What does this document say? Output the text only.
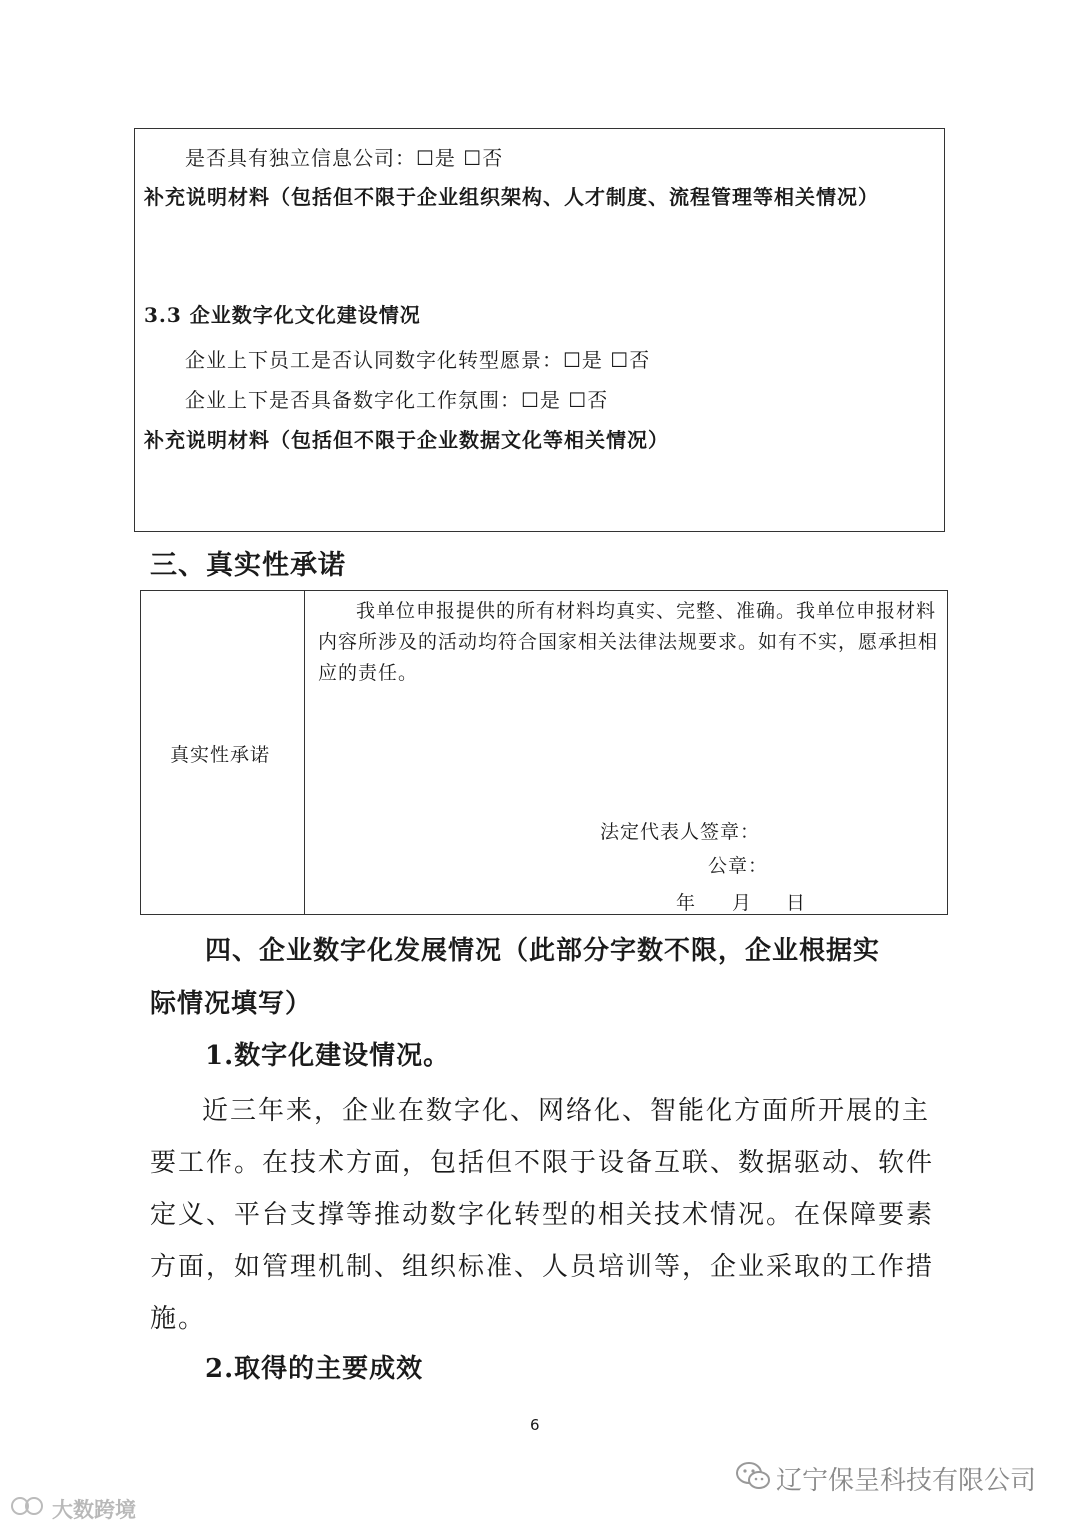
是否具有独立信息公司：☐是 ☐否
补充说明材料（包括但不限于企业组织架构、人才制度、流程管理等相关情况）
3.3 企业数字化文化建设情况
企业上下员工是否认同数字化转型愿景：☐是 ☐否
企业上下是否具备数字化工作氛围：☐是 ☐否
补充说明材料（包括但不限于企业数据文化等相关情况）
三、真实性承诺
真实性承诺
我单位申报提供的所有材料均真实、完整、准确。我单位申报材料内容所涉及的活动均符合国家相关法律法规要求。如有不实，愿承担相应的责任。
法定代表人签章：
公章：
年 月 日
四、企业数字化发展情况（此部分字数不限，企业根据实
际情况填写）
1.数字化建设情况。
近三年来，企业在数字化、网络化、智能化方面所开展的主要工作。在技术方面，包括但不限于设备互联、数据驱动、软件定义、平台支撑等推动数字化转型的相关技术情况。在保障要素方面，如管理机制、组织标准、人员培训等，企业采取的工作措施。
2.取得的主要成效
6
辽宁保呈科技有限公司
大数跨境
